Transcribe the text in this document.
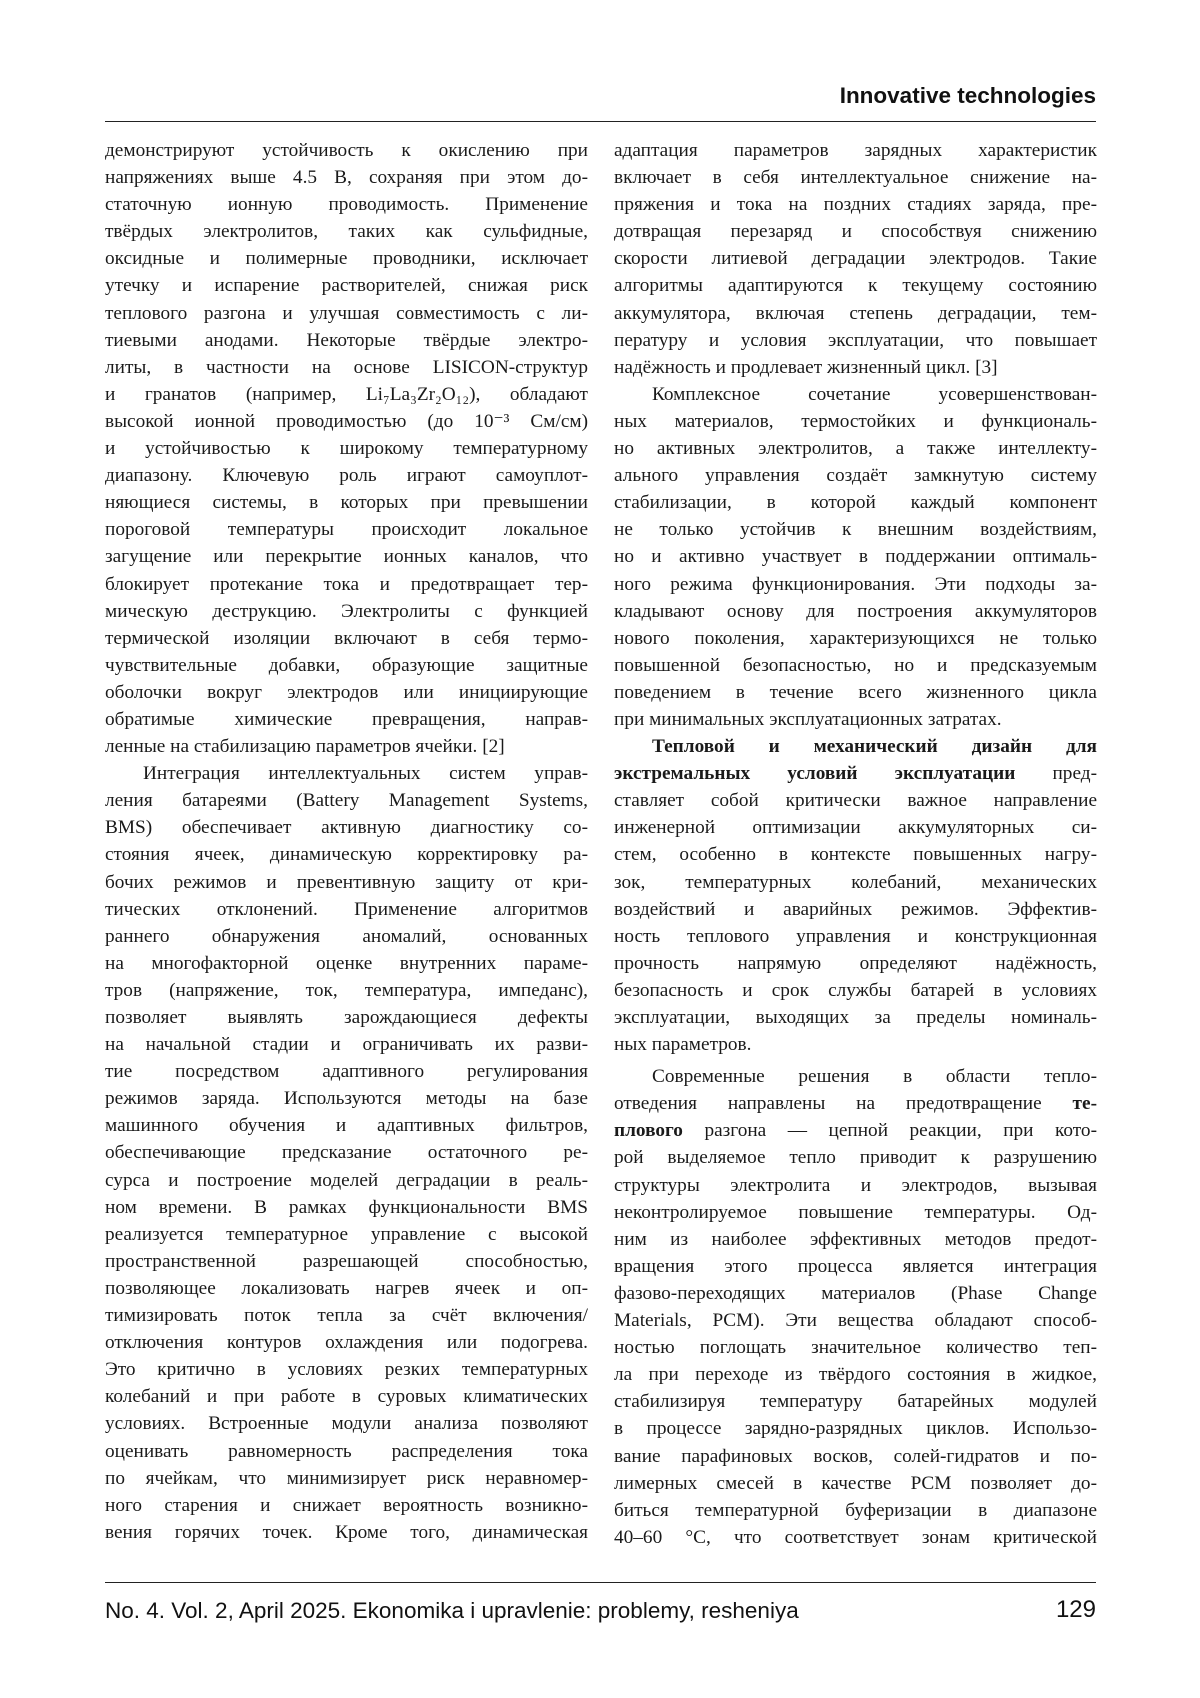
Innovative technologies
демонстрируют устойчивость к окислению при
напряжениях выше 4.5 В, сохраняя при этом до-
статочную ионную проводимость. Применение
твёрдых электролитов, таких как сульфидные,
оксидные и полимерные проводники, исключает
утечку и испарение растворителей, снижая риск
теплового разгона и улучшая совместимость с ли-
тиевыми анодами. Некоторые твёрдые электро-
литы, в частности на основе LISICON-структур
и гранатов (например, Li₇La₃Zr₂O₁₂), обладают
высокой ионной проводимостью (до 10⁻³ См/см)
и устойчивостью к широкому температурному
диапазону. Ключевую роль играют самоуплот-
няющиеся системы, в которых при превышении
пороговой температуры происходит локальное
загущение или перекрытие ионных каналов, что
блокирует протекание тока и предотвращает тер-
мическую деструкцию. Электролиты с функцией
термической изоляции включают в себя термо-
чувствительные добавки, образующие защитные
оболочки вокруг электродов или инициирующие
обратимые химические превращения, направ-
ленные на стабилизацию параметров ячейки. [2]
Интеграция интеллектуальных систем управ-
ления батареями (Battery Management Systems,
BMS) обеспечивает активную диагностику со-
стояния ячеек, динамическую корректировку ра-
бочих режимов и превентивную защиту от кри-
тических отклонений. Применение алгоритмов
раннего обнаружения аномалий, основанных
на многофакторной оценке внутренних параме-
тров (напряжение, ток, температура, импеданс),
позволяет выявлять зарождающиеся дефекты
на начальной стадии и ограничивать их разви-
тие посредством адаптивного регулирования
режимов заряда. Используются методы на базе
машинного обучения и адаптивных фильтров,
обеспечивающие предсказание остаточного ре-
сурса и построение моделей деградации в реаль-
ном времени. В рамках функциональности BMS
реализуется температурное управление с высокой
пространственной разрешающей способностью,
позволяющее локализовать нагрев ячеек и оп-
тимизировать поток тепла за счёт включения/
отключения контуров охлаждения или подогрева.
Это критично в условиях резких температурных
колебаний и при работе в суровых климатических
условиях. Встроенные модули анализа позволяют
оценивать равномерность распределения тока
по ячейкам, что минимизирует риск неравномер-
ного старения и снижает вероятность возникно-
вения горячих точек. Кроме того, динамическая
адаптация параметров зарядных характеристик
включает в себя интеллектуальное снижение на-
пряжения и тока на поздних стадиях заряда, пре-
дотвращая перезаряд и способствуя снижению
скорости литиевой деградации электродов. Такие
алгоритмы адаптируются к текущему состоянию
аккумулятора, включая степень деградации, тем-
пературу и условия эксплуатации, что повышает
надёжность и продлевает жизненный цикл. [3]
Комплексное сочетание усовершенствован-
ных материалов, термостойких и функциональ-
но активных электролитов, а также интеллекту-
ального управления создаёт замкнутую систему
стабилизации, в которой каждый компонент
не только устойчив к внешним воздействиям,
но и активно участвует в поддержании оптималь-
ного режима функционирования. Эти подходы за-
кладывают основу для построения аккумуляторов
нового поколения, характеризующихся не только
повышенной безопасностью, но и предсказуемым
поведением в течение всего жизненного цикла
при минимальных эксплуатационных затратах.
Тепловой и механический дизайн для
экстремальных условий эксплуатации пред-
ставляет собой критически важное направление
инженерной оптимизации аккумуляторных си-
стем, особенно в контексте повышенных нагру-
зок, температурных колебаний, механических
воздействий и аварийных режимов. Эффектив-
ность теплового управления и конструкционная
прочность напрямую определяют надёжность,
безопасность и срок службы батарей в условиях
эксплуатации, выходящих за пределы номиналь-
ных параметров.
Современные решения в области тепло-
отведения направлены на предотвращение те-
плового разгона — цепной реакции, при кото-
рой выделяемое тепло приводит к разрушению
структуры электролита и электродов, вызывая
неконтролируемое повышение температуры. Од-
ним из наиболее эффективных методов предот-
вращения этого процесса является интеграция
фазово-переходящих материалов (Phase Change
Materials, PCM). Эти вещества обладают способ-
ностью поглощать значительное количество теп-
ла при переходе из твёрдого состояния в жидкое,
стабилизируя температуру батарейных модулей
в процессе зарядно-разрядных циклов. Использо-
вание парафиновых восков, солей-гидратов и по-
лимерных смесей в качестве PCM позволяет до-
биться температурной буферизации в диапазоне
40–60 °C, что соответствует зонам критической
No. 4. Vol. 2, April 2025. Ekonomika i upravlenie: problemy, resheniya	129
